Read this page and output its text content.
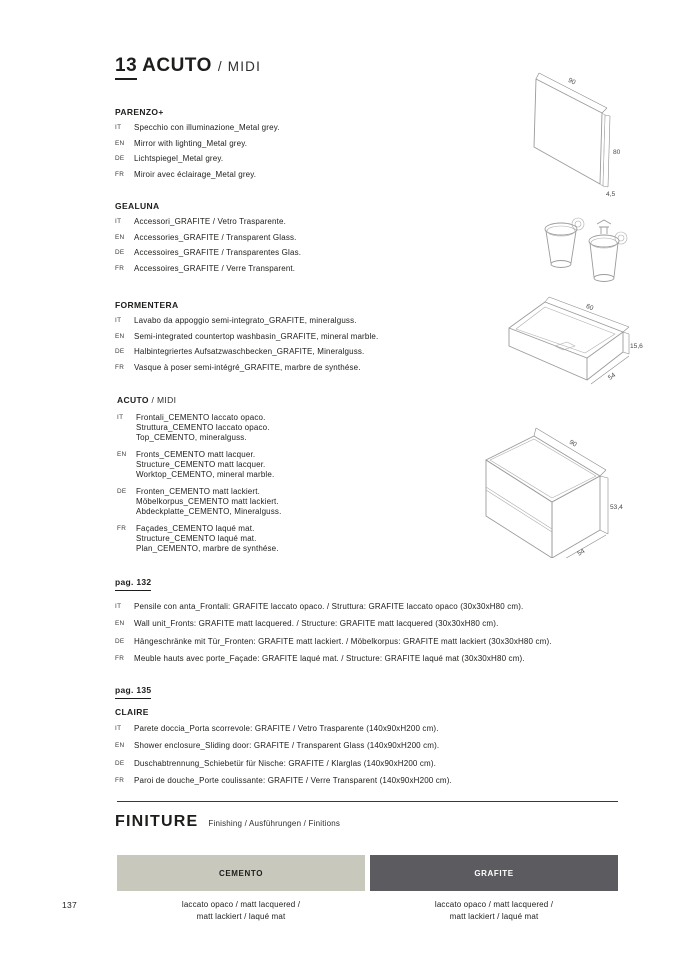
13 ACUTO / MIDI
PARENZO+
IT	Specchio con illuminazione_Metal grey.
EN	Mirror with lighting_Metal grey.
DE	Lichtspiegel_Metal grey.
FR	Miroir avec éclairage_Metal grey.
GEALUNA
IT	Accessori_GRAFITE / Vetro Trasparente.
EN	Accessories_GRAFITE / Transparent Glass.
DE	Accessoires_GRAFITE / Transparentes Glas.
FR	Accessoires_GRAFITE / Verre Transparent.
FORMENTERA
IT	Lavabo da appoggio semi-integrato_GRAFITE, mineralguss.
EN	Semi-integrated countertop washbasin_GRAFITE, mineral marble.
DE	Halbintegriertes Aufsatzwaschbecken_GRAFITE, Mineralguss.
FR	Vasque à poser semi-intégré_GRAFITE, marbre de synthése.
ACUTO / MIDI
IT	Frontali_CEMENTO laccato opaco.
Struttura_CEMENTO laccato opaco.
Top_CEMENTO, mineralguss.
EN	Fronts_CEMENTO matt lacquer.
Structure_CEMENTO matt lacquer.
Worktop_CEMENTO, mineral marble.
DE	Fronten_CEMENTO matt lackiert.
Möbelkorpus_CEMENTO matt lackiert.
Abdeckplatte_CEMENTO, Mineralguss.
FR	Façades_CEMENTO laqué mat.
Structure_CEMENTO laqué mat.
Plan_CEMENTO, marbre de synthése.
pag. 132
IT	Pensile con anta_Frontali: GRAFITE laccato opaco. / Struttura: GRAFITE laccato opaco (30x30xH80 cm).
EN	Wall unit_Fronts: GRAFITE matt lacquered. / Structure: GRAFITE matt lacquered (30x30xH80 cm).
DE	Hängeschränke mit Tür_Fronten: GRAFITE matt lackiert. / Möbelkorpus: GRAFITE matt lackiert (30x30xH80 cm).
FR	Meuble hauts avec porte_Façade: GRAFITE laqué mat. / Structure: GRAFITE laqué mat (30x30xH80 cm).
pag. 135
CLAIRE
IT	Parete doccia_Porta scorrevole: GRAFITE / Vetro Trasparente (140x90xH200 cm).
EN	Shower enclosure_Sliding door: GRAFITE / Transparent Glass (140x90xH200 cm).
DE	Duschabtrennung_Schiebetür für Nische: GRAFITE / Klarglas (140x90xH200 cm).
FR	Paroi de douche_Porte coulissante: GRAFITE / Verre Transparent (140x90xH200 cm).
90
80
4,5
60
15,6
54
90
53,4
54
FINITURE Finishing / Ausführungen / Finitions
CEMENTO
laccato opaco / matt lacquered /
matt lackiert / laqué mat
GRAFITE
laccato opaco / matt lacquered /
matt lackiert / laqué mat
137
